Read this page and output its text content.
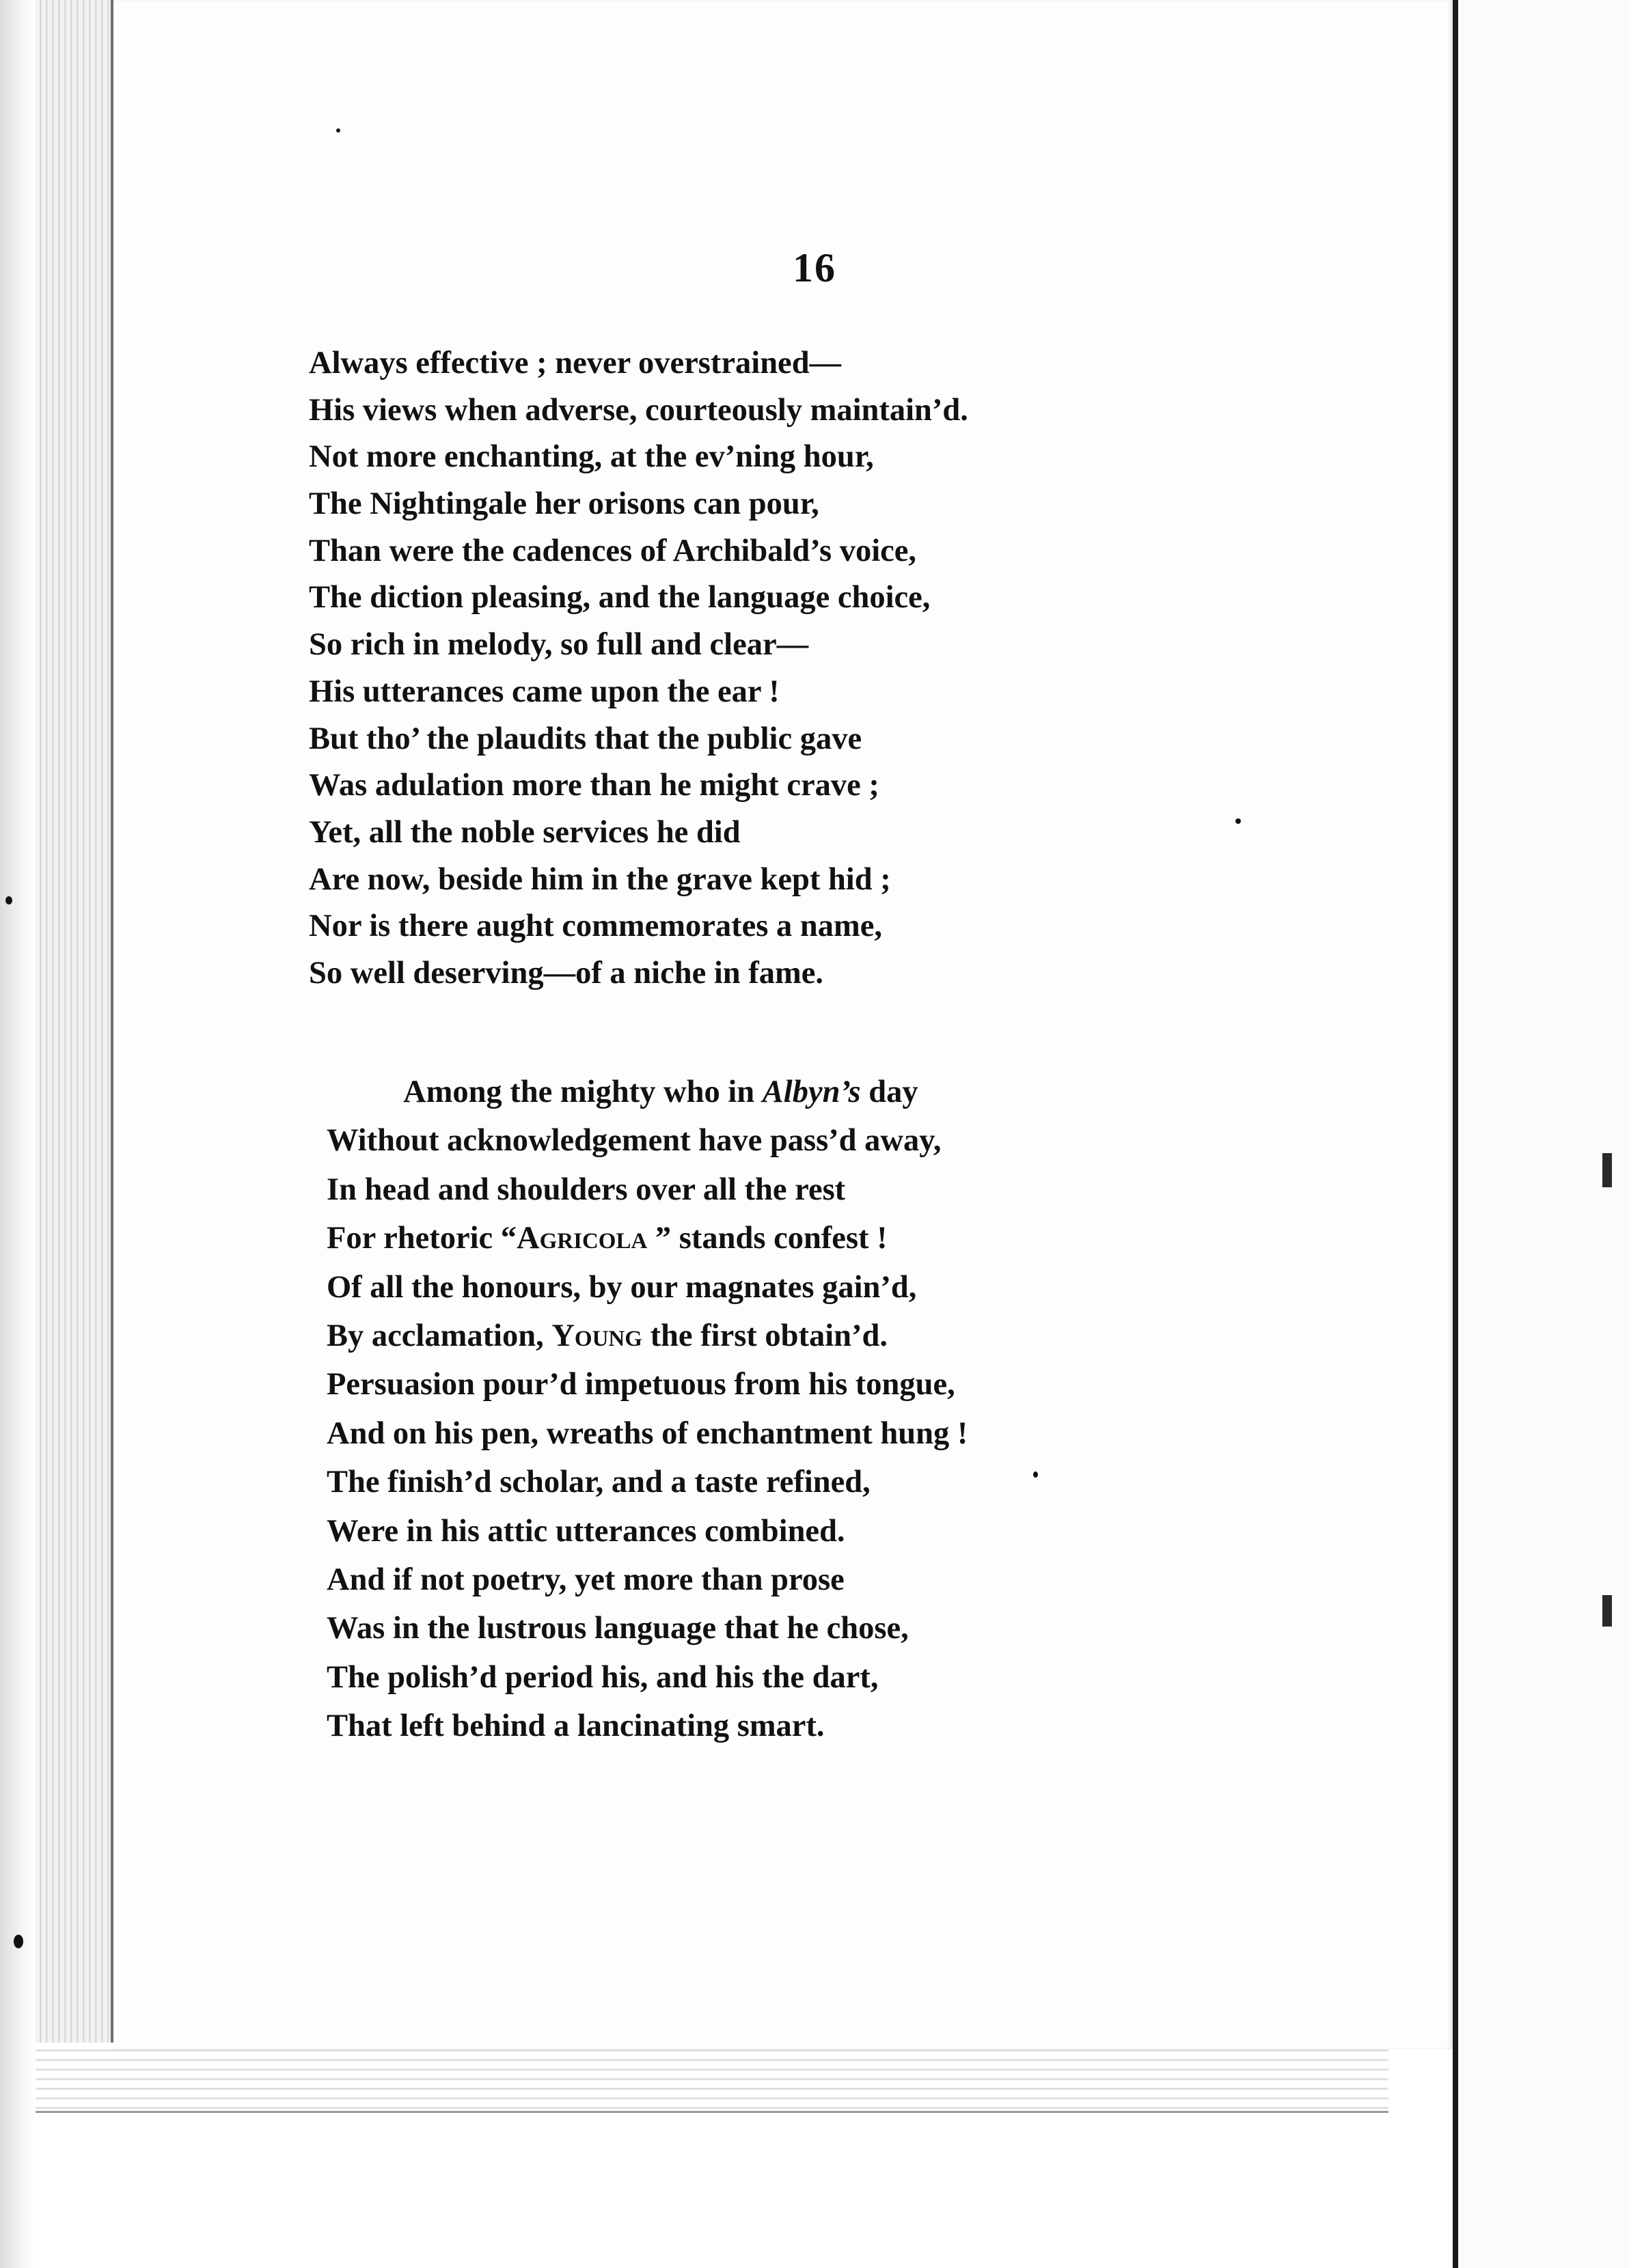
16
Always effective ; never overstrained—
His views when adverse, courteously maintain’d.
Not more enchanting, at the ev’ning hour,
The Nightingale her orisons can pour,
Than were the cadences of Archibald’s voice,
The diction pleasing, and the language choice,
So rich in melody, so full and clear—
His utterances came upon the ear !
But tho’ the plaudits that the public gave
Was adulation more than he might crave ;
Yet, all the noble services he did
Are now, beside him in the grave kept hid ;
Nor is there aught commemorates a name,
So well deserving—of a niche in fame.
Among the mighty who in Albyn’s day
Without acknowledgement have pass’d away,
In head and shoulders over all the rest
For rhetoric “Agricola ” stands confest !
Of all the honours, by our magnates gain’d,
By acclamation, Young the first obtain’d.
Persuasion pour’d impetuous from his tongue,
And on his pen, wreaths of enchantment hung !
The finish’d scholar, and a taste refined,
Were in his attic utterances combined.
And if not poetry, yet more than prose
Was in the lustrous language that he chose,
The polish’d period his, and his the dart,
That left behind a lancinating smart.
